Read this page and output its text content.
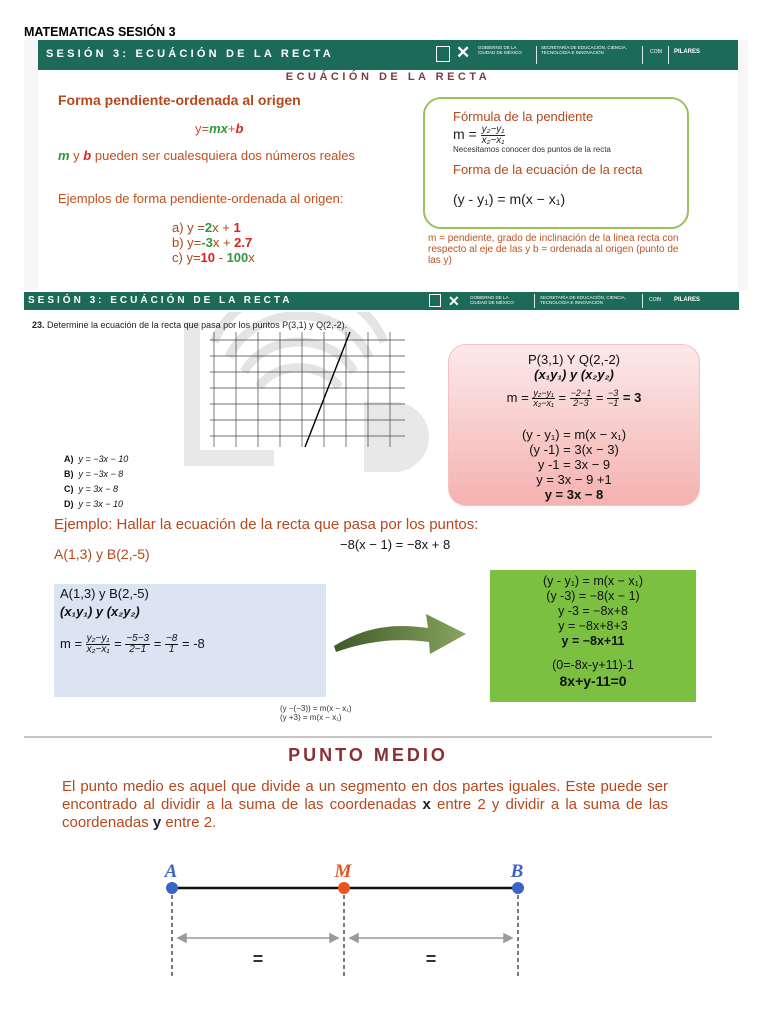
MATEMATICAS SESIÓN 3
SESIÓN 3: ECUÁCIÓN DE LA RECTA	✕ GOBIERNO DE LA
CIUDAD DE MÉXICO
SECRETARÍA DE EDUCACIÓN, CIENCIA,
TECNOLOGÍA E INNOVACIÓN	COBI PILARES
ECUÁCIÓN DE LA RECTA
Forma pendiente-ordenada al origen
y=mx+b
m y b pueden ser cualesquiera dos números reales
Ejemplos de forma pendiente-ordenada al origen:
a) y =2x + 1
b) y=-3x + 2.7
c) y=10 - 100x
Fórmula de la pendiente
$m = \frac{\text{y₂−y₁}}{\text{x₂−x₁}}$
Necesitamos conocer dos puntos de la recta
Forma de la ecuación de la recta
(y - y₁) = m(x − x₁)
m = pendiente, grado de inclinación de la linea recta con respecto al eje de las y b = ordenada al origen (punto de las y)
SESIÓN 3: ECUÁCIÓN DE LA RECTA	✕ GOBIERNO DE LA
CIUDAD DE MÉXICO
SECRETARÍA DE EDUCACIÓN, CIENCIA,
TECNOLOGÍA E INNOVACIÓN	COBI PILARES
23. Determine la ecuación de la recta que pasa por los puntos P(3,1) y Q(2,-2).
A) y = −3x − 10
B) y = −3x − 8
C) y = 3x − 8
D) y = 3x − 10
P(3,1) Y Q(2,-2)
(x₁y₁) y (x₂y₂)
$m = \frac{\text{y₂−y₁}}{\text{x₂−x₁}} = \frac{-2-1}{2-3} = \frac{-3}{-1} = 3$
(y - y₁) = m(x − x₁)
(y -1) = 3(x − 3)
y -1 = 3x − 9
y = 3x − 9 +1
y = 3x − 8
Ejemplo: Hallar la ecuación de la recta que pasa por los puntos:
A(1,3) y B(2,-5)
−8(x − 1) = −8x + 8
A(1,3) y B(2,-5)
(x₁y₁) y (x₂y₂)
$m = \frac{\text{y₂−y₁}}{\text{x₂−x₁}} = \frac{-5-3}{2-1} = \frac{-8}{1} = -8$
(y - y₁) = m(x − x₁)
(y -3) = −8(x − 1)
y -3 = −8x+8
y = −8x+8+3
y = −8x+11
(0=-8x-y+11)-1
8x+y-11=0
(y −(−3)) = m(x − x₁)
(y +3) = m(x − x₁)
PUNTO MEDIO
El punto medio es aquel que divide a un segmento en dos partes iguales. Este puede ser encontrado al dividir a la suma de las coordenadas x entre 2 y dividir a la suma de las coordenadas y entre 2.
A	M	B
=	=
